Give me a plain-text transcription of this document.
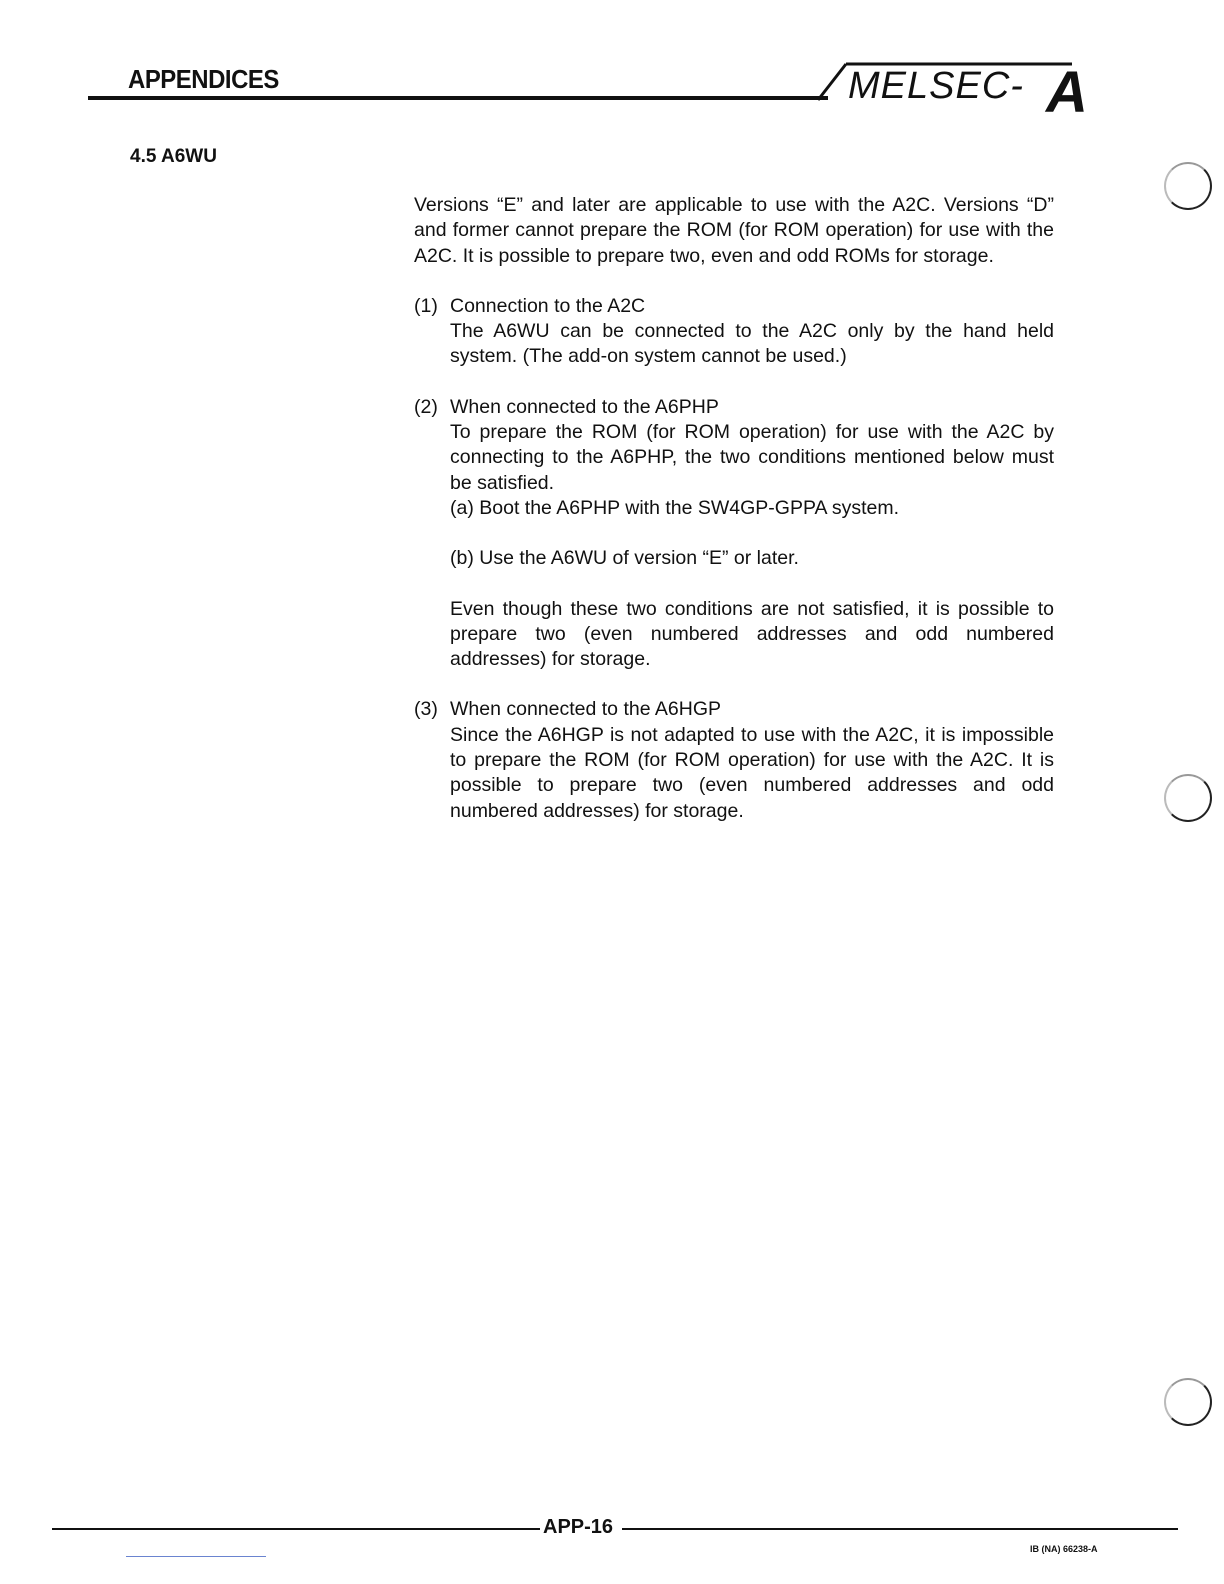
APPENDICES	MELSEC- A
4.5 A6WU

Versions “E” and later are applicable to use with the A2C. Versions “D” and former cannot prepare the ROM (for ROM operation) for use with the A2C. It is possible to prepare two, even and odd ROMs for storage.

(1) Connection to the A2C
The A6WU can be connected to the A2C only by the hand held system. (The add-on system cannot be used.)
(2) When connected to the A6PHP
To prepare the ROM (for ROM operation) for use with the A2C by connecting to the A6PHP, the two conditions mentioned below must be satisfied.
(a) Boot the A6PHP with the SW4GP-GPPA system.
(b) Use the A6WU of version “E” or later.
Even though these two conditions are not satisfied, it is possible to prepare two (even numbered addresses and odd numbered addresses) for storage.
(3) When connected to the A6HGP
Since the A6HGP is not adapted to use with the A2C, it is impossible to prepare the ROM (for ROM operation) for use with the A2C. It is possible to prepare two (even numbered addresses and odd numbered addresses) for storage.
APP-16
IB (NA) 66238-A
